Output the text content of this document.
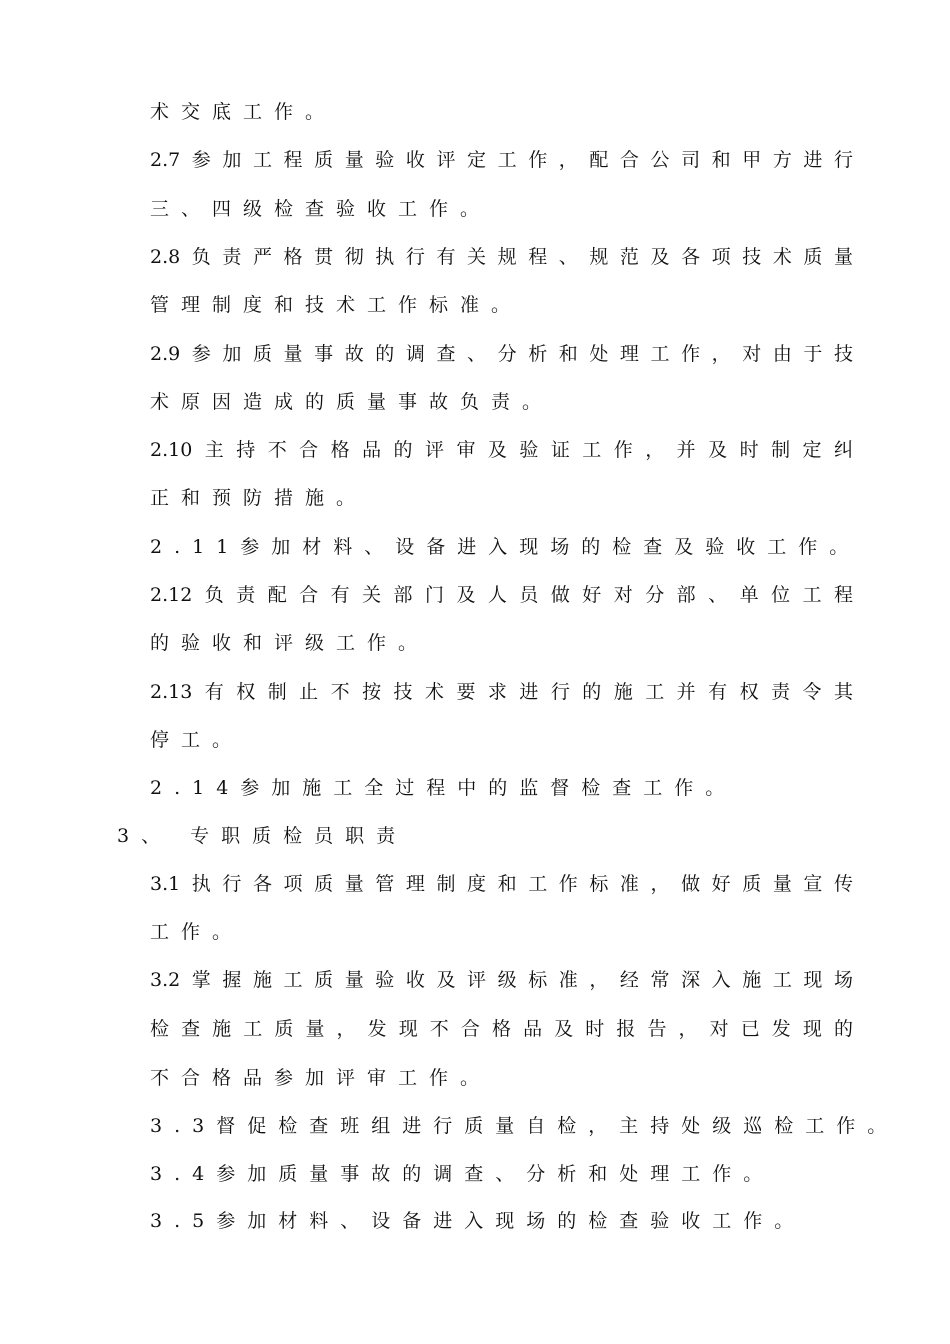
术交底工作。

2.7参加工程质量验收评定工作，配合公司和甲方进行

三、四级检查验收工作。

2.8负责严格贯彻执行有关规程、规范及各项技术质量

管理制度和技术工作标准。

2.9参加质量事故的调查、分析和处理工作，对由于技

术原因造成的质量事故负责。

2.10主持不合格品的评审及验证工作，并及时制定纠

正和预防措施。

2.11参加材料、设备进入现场的检查及验收工作。

2.12负责配合有关部门及人员做好对分部、单位工程

的验收和评级工作。

2.13有权制止不按技术要求进行的施工并有权责令其

停工。

2.14参加施工全过程中的监督检查工作。

3、 专职质检员职责

3.1执行各项质量管理制度和工作标准，做好质量宣传

工作。

3.2掌握施工质量验收及评级标准，经常深入施工现场

检查施工质量，发现不合格品及时报告，对已发现的

不合格品参加评审工作。

3.3督促检查班组进行质量自检，主持处级巡检工作。

3.4参加质量事故的调查、分析和处理工作。

3.5参加材料、设备进入现场的检查验收工作。
